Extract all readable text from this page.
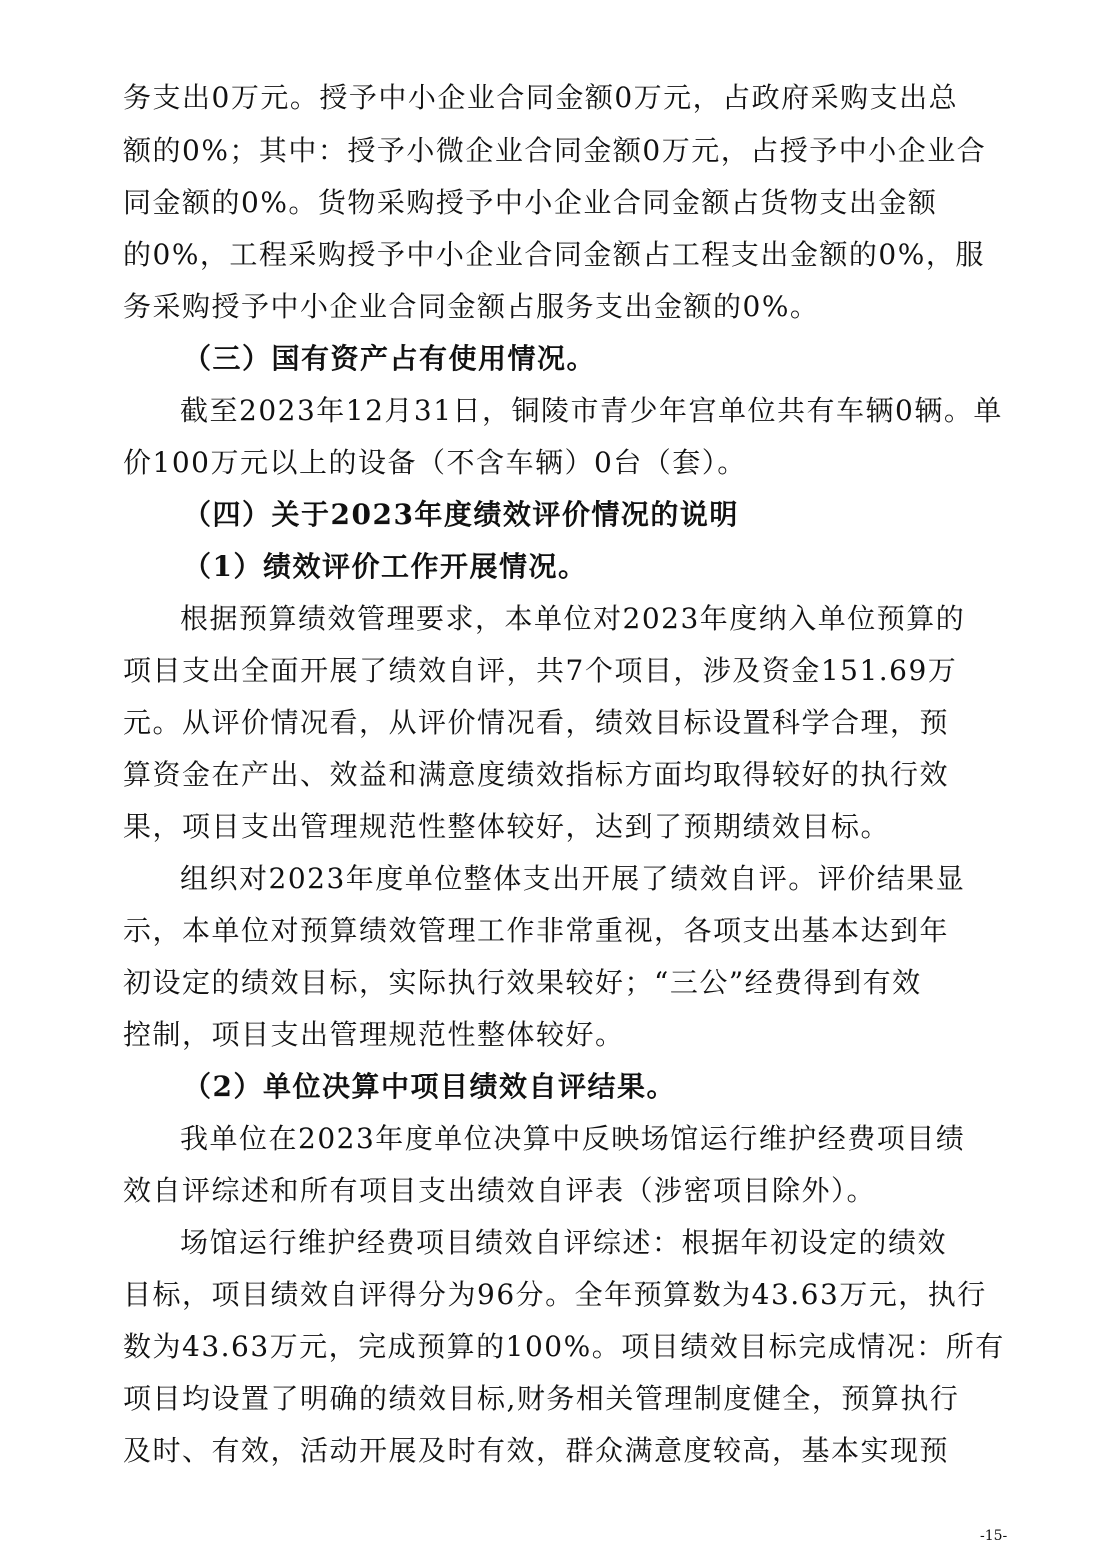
务支出0万元。授予中小企业合同金额0万元，占政府采购支出总
额的0%；其中：授予小微企业合同金额0万元，占授予中小企业合
同金额的0%。货物采购授予中小企业合同金额占货物支出金额
的0%，工程采购授予中小企业合同金额占工程支出金额的0%，服
务采购授予中小企业合同金额占服务支出金额的0%。
（三）国有资产占有使用情况。
截至2023年12月31日，铜陵市青少年宫单位共有车辆0辆。单
价100万元以上的设备（不含车辆）0台（套）。
（四）关于2023年度绩效评价情况的说明
（1）绩效评价工作开展情况。
根据预算绩效管理要求，本单位对2023年度纳入单位预算的
项目支出全面开展了绩效自评，共7个项目，涉及资金151.69万
元。从评价情况看，从评价情况看，绩效目标设置科学合理，预
算资金在产出、效益和满意度绩效指标方面均取得较好的执行效
果，项目支出管理规范性整体较好，达到了预期绩效目标。
组织对2023年度单位整体支出开展了绩效自评。评价结果显
示，本单位对预算绩效管理工作非常重视，各项支出基本达到年
初设定的绩效目标，实际执行效果较好；“三公”经费得到有效
控制，项目支出管理规范性整体较好。
（2）单位决算中项目绩效自评结果。
我单位在2023年度单位决算中反映场馆运行维护经费项目绩
效自评综述和所有项目支出绩效自评表（涉密项目除外）。
场馆运行维护经费项目绩效自评综述：根据年初设定的绩效
目标，项目绩效自评得分为96分。全年预算数为43.63万元，执行
数为43.63万元，完成预算的100%。项目绩效目标完成情况：所有
项目均设置了明确的绩效目标,财务相关管理制度健全，预算执行
及时、有效，活动开展及时有效，群众满意度较高，基本实现预
-15-
